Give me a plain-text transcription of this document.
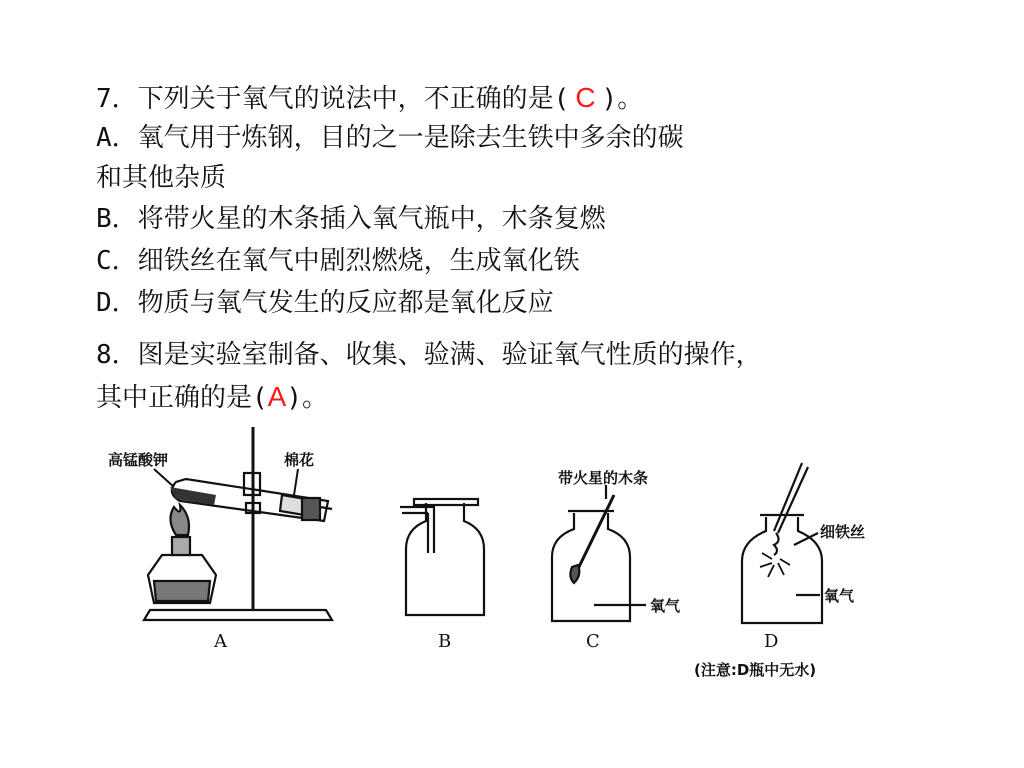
7．下列关于氧气的说法中，不正确的是( C )。
A．氧气用于炼钢，目的之一是除去生铁中多余的碳
和其他杂质
B．将带火星的木条插入氧气瓶中，木条复燃
C．细铁丝在氧气中剧烈燃烧，生成氧化铁
D．物质与氧气发生的反应都是氧化反应
8．图是实验室制备、收集、验满、验证氧气性质的操作，
其中正确的是(A)。
高锰酸钾	棉花
带火星的木条
氧气
细铁丝
氧气
A	B	C	D
(注意:D瓶中无水)
